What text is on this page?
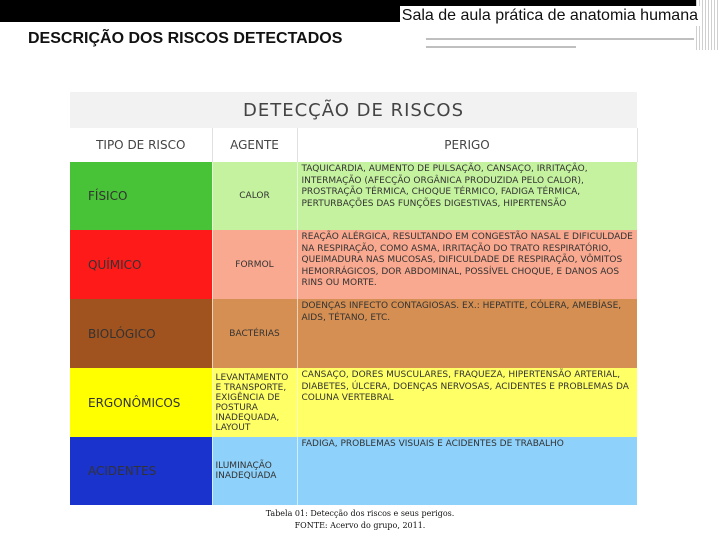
Sala de aula prática de anatomia humana
DESCRIÇÃO DOS RISCOS DETECTADOS
DETECÇÃO DE RISCOS		
TIPO DE RISCO	AGENTE	PERIGO
FÍSICO	CALOR	TAQUICARDIA, AUMENTO DE PULSAÇÃO, CANSAÇO, IRRITAÇÃO, INTERMAÇÃO (AFECÇÃO ORGÂNICA PRODUZIDA PELO CALOR), PROSTRAÇÃO TÉRMICA, CHOQUE TÉRMICO, FADIGA TÉRMICA, PERTURBAÇÕES DAS FUNÇÕES DIGESTIVAS, HIPERTENSÃO
QUÍMICO	FORMOL	REAÇÃO ALÉRGICA, RESULTANDO EM CONGESTÃO NASAL E DIFICULDADE NA RESPIRAÇÃO, COMO ASMA, IRRITAÇÃO DO TRATO RESPIRATÓRIO, QUEIMADURA NAS MUCOSAS, DIFICULDADE DE RESPIRAÇÃO, VÔMITOS HEMORRÁGICOS, DOR ABDOMINAL, POSSÍVEL CHOQUE, E DANOS AOS RINS OU MORTE.
BIOLÓGICO	BACTÉRIAS	DOENÇAS INFECTO CONTAGIOSAS. EX.: HEPATITE, CÓLERA, AMEBÍASE, AIDS, TÉTANO, ETC.
ERGONÔMICOS	LEVANTAMENTO E TRANSPORTE, EXIGÊNCIA DE POSTURA INADEQUADA, LAYOUT	CANSAÇO, DORES MUSCULARES, FRAQUEZA, HIPERTENSÃO ARTERIAL, DIABETES, ÚLCERA, DOENÇAS NERVOSAS, ACIDENTES E PROBLEMAS DA COLUNA VERTEBRAL
ACIDENTES	ILUMINAÇÃO INADEQUADA	FADIGA, PROBLEMAS VISUAIS E ACIDENTES DE TRABALHO
Tabela 01: Detecção dos riscos e seus perigos.
FONTE: Acervo do grupo, 2011.
